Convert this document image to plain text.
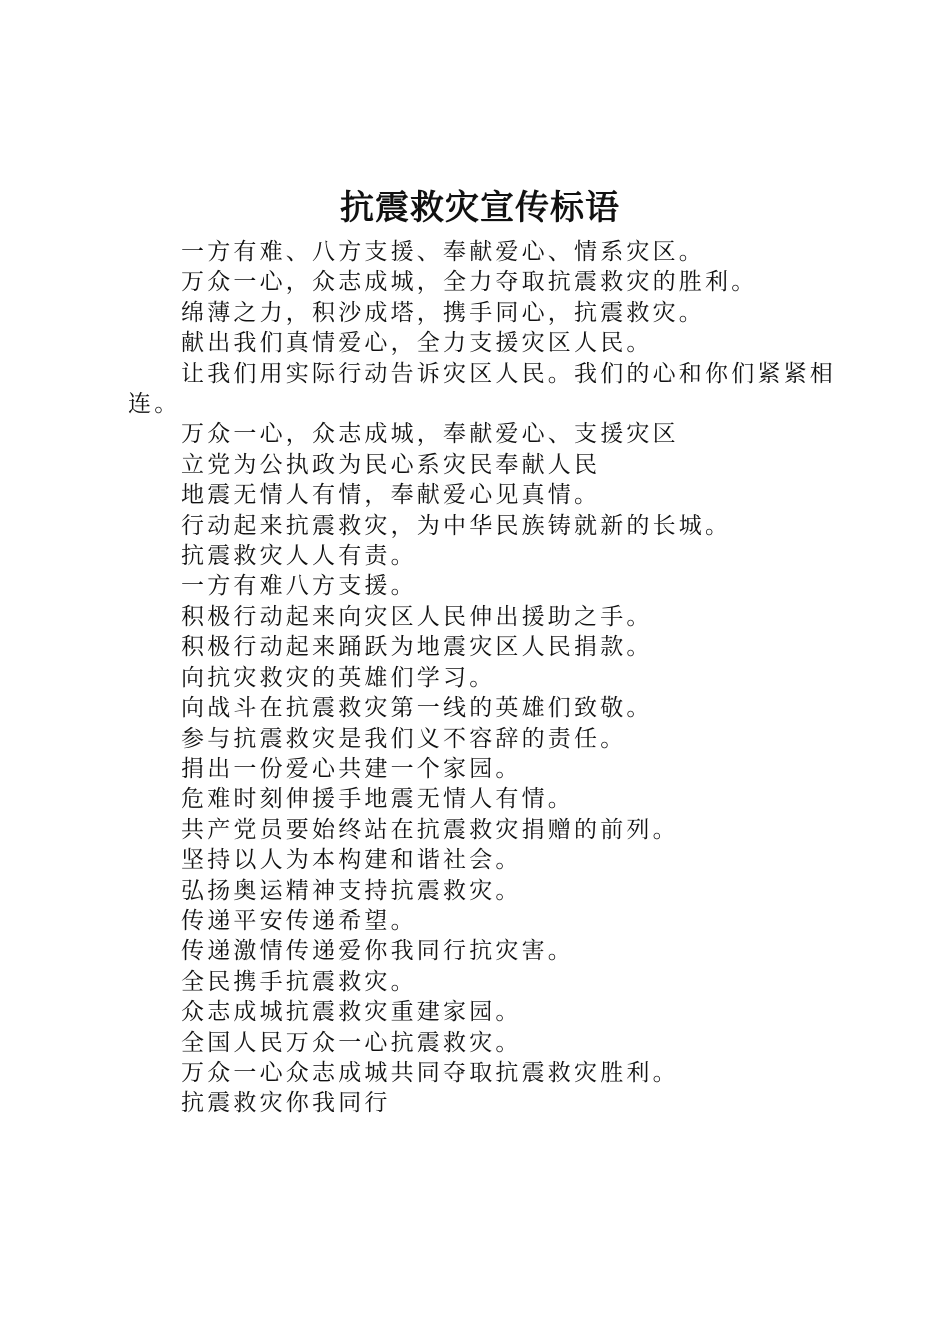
抗震救灾宣传标语

一方有难、八方支援、奉献爱心、情系灾区。

万众一心，众志成城，全力夺取抗震救灾的胜利。

绵薄之力，积沙成塔，携手同心，抗震救灾。

献出我们真情爱心，全力支援灾区人民。

让我们用实际行动告诉灾区人民。我们的心和你们紧紧相连。

万众一心，众志成城，奉献爱心、支援灾区

立党为公执政为民心系灾民奉献人民

地震无情人有情，奉献爱心见真情。

行动起来抗震救灾，为中华民族铸就新的长城。

抗震救灾人人有责。

一方有难八方支援。

积极行动起来向灾区人民伸出援助之手。

积极行动起来踊跃为地震灾区人民捐款。

向抗灾救灾的英雄们学习。

向战斗在抗震救灾第一线的英雄们致敬。

参与抗震救灾是我们义不容辞的责任。

捐出一份爱心共建一个家园。

危难时刻伸援手地震无情人有情。

共产党员要始终站在抗震救灾捐赠的前列。

坚持以人为本构建和谐社会。

弘扬奥运精神支持抗震救灾。

传递平安传递希望。

传递激情传递爱你我同行抗灾害。

全民携手抗震救灾。

众志成城抗震救灾重建家园。

全国人民万众一心抗震救灾。

万众一心众志成城共同夺取抗震救灾胜利。

抗震救灾你我同行
